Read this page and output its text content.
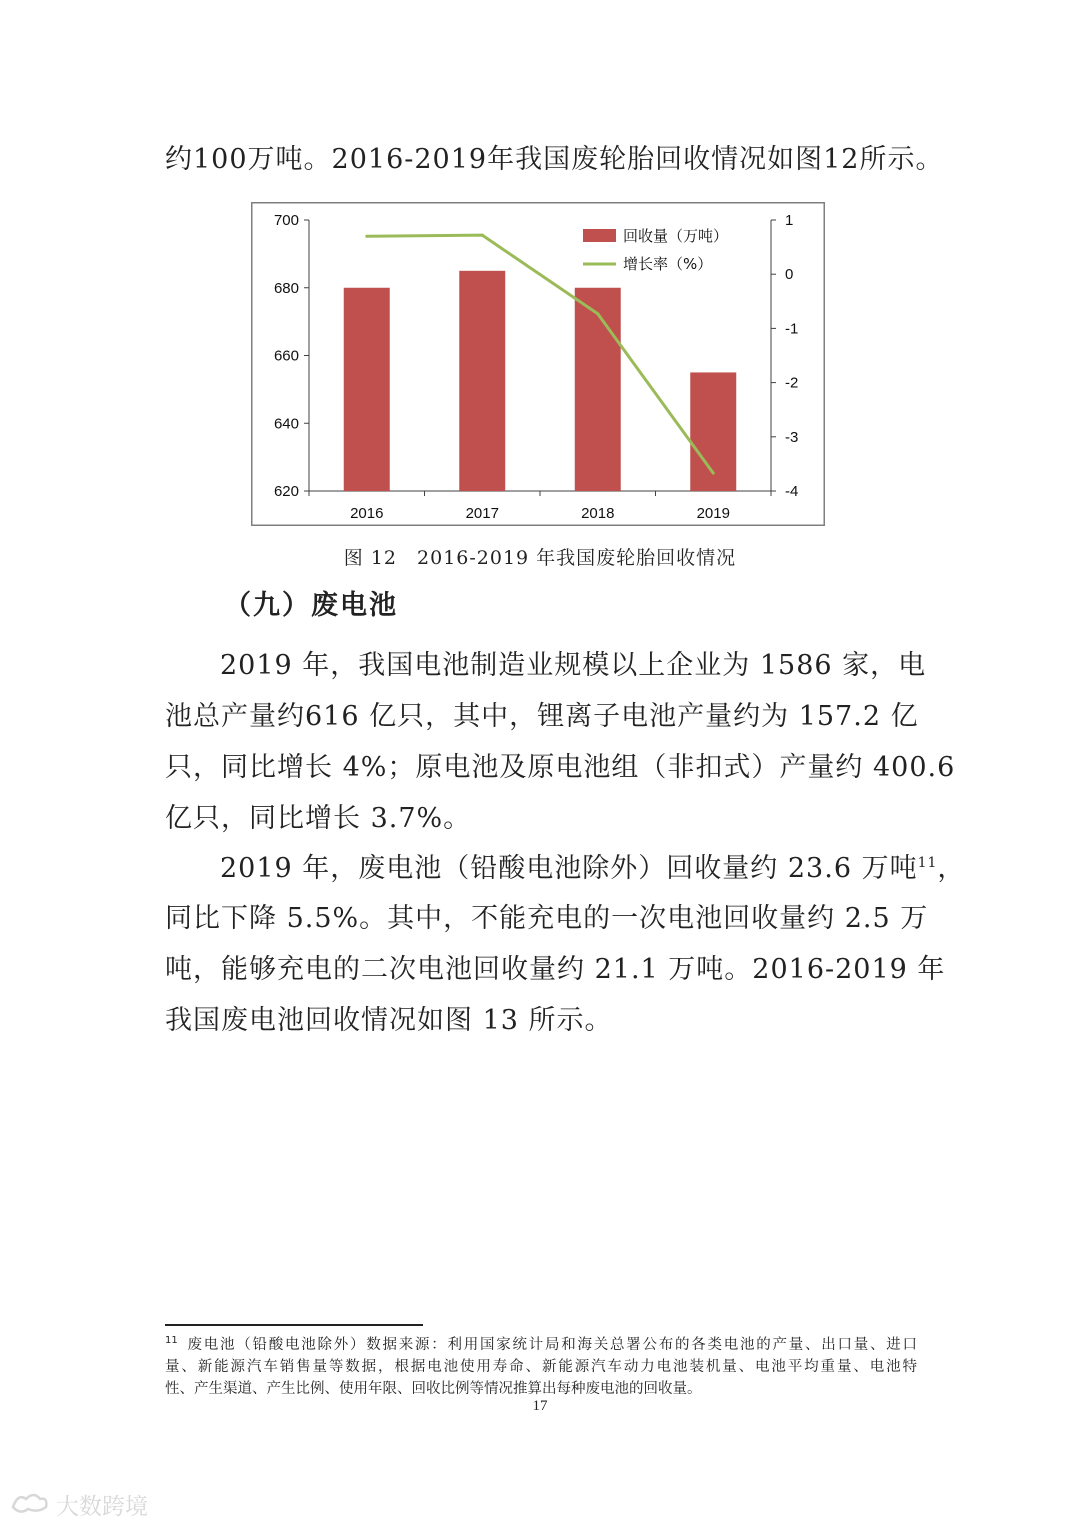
约100万吨。2016-2019年我国废轮胎回收情况如图12所示。

620
640
660
680
700
-4
-3
-2
-1
0
1
2016	2017	2018	2019
回收量（万吨）
增长率（%）

图 12　2016-2019 年我国废轮胎回收情况

（九）废电池

2019 年，我国电池制造业规模以上企业为 1586 家，电

池总产量约616 亿只，其中，锂离子电池产量约为 157.2 亿

只，同比增长 4%；原电池及原电池组（非扣式）产量约 400.6

亿只，同比增长 3.7%。

2019 年，废电池（铅酸电池除外）回收量约 23.6 万吨$^{11}$，

同比下降 5.5%。其中，不能充电的一次电池回收量约 2.5 万

吨，能够充电的二次电池回收量约 21.1 万吨。2016-2019 年

我国废电池回收情况如图 13 所示。

$^{11}$ 废电池（铅酸电池除外）数据来源：利用国家统计局和海关总署公布的各类电池的产量、出口量、进口

量、新能源汽车销售量等数据，根据电池使用寿命、新能源汽车动力电池装机量、电池平均重量、电池特

性、产生渠道、产生比例、使用年限、回收比例等情况推算出每种废电池的回收量。

17

大数跨境
